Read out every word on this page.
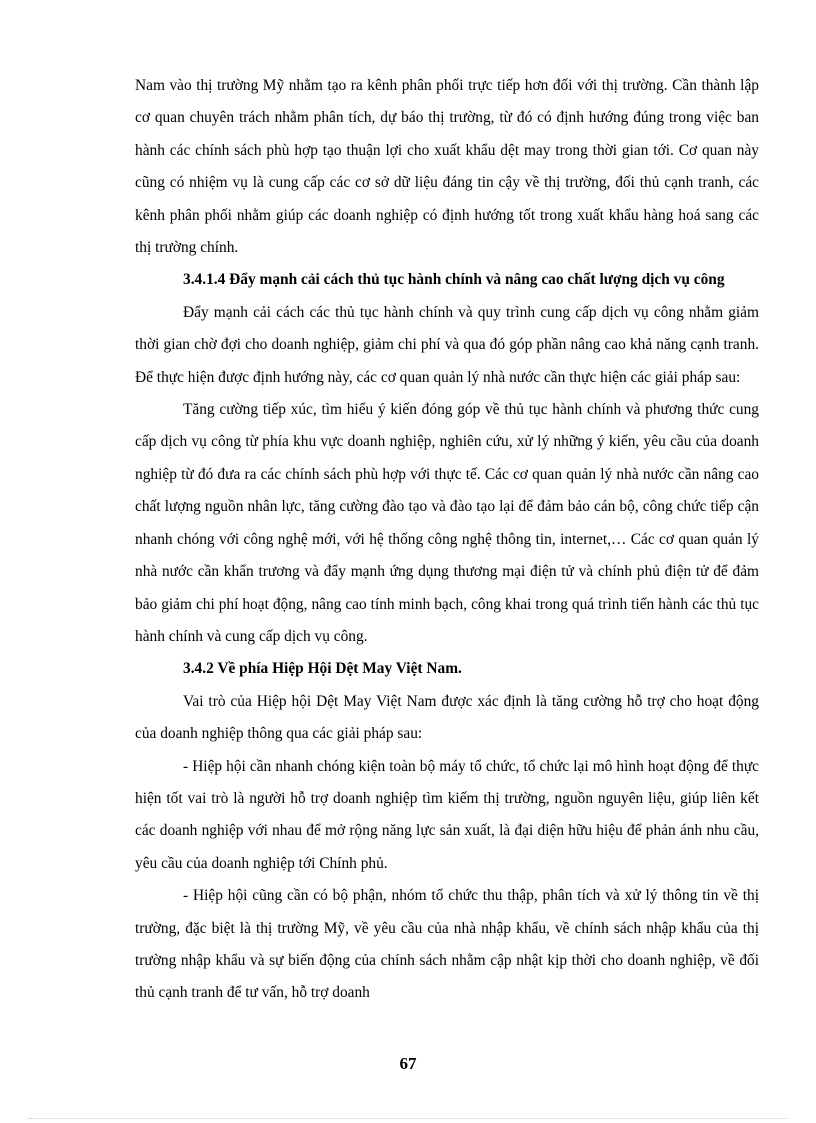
Nam vào thị trường Mỹ nhằm tạo ra kênh phân phối trực tiếp hơn đối với thị trường. Cần thành lập cơ quan chuyên trách nhằm phân tích, dự báo thị trường, từ đó có định hướng đúng trong việc ban hành các chính sách phù hợp tạo thuận lợi cho xuất khẩu dệt may trong thời gian tới. Cơ quan này cũng có nhiệm vụ là cung cấp các cơ sở dữ liệu đáng tin cậy về thị trường, đối thủ cạnh tranh, các kênh phân phối nhằm giúp các doanh nghiệp có định hướng tốt trong xuất khẩu hàng hoá sang các thị trường chính.

3.4.1.4 Đẩy mạnh cải cách thủ tục hành chính và nâng cao chất lượng dịch vụ công

Đẩy mạnh cải cách các thủ tục hành chính và quy trình cung cấp dịch vụ công nhằm giảm thời gian chờ đợi cho doanh nghiệp, giảm chi phí và qua đó góp phần nâng cao khả năng cạnh tranh. Để thực hiện được định hướng này, các cơ quan quản lý nhà nước cần thực hiện các giải pháp sau:

Tăng cường tiếp xúc, tìm hiểu ý kiến đóng góp về thủ tục hành chính và phương thức cung cấp dịch vụ công từ phía khu vực doanh nghiệp, nghiên cứu, xử lý những ý kiến, yêu cầu của doanh nghiệp từ đó đưa ra các chính sách phù hợp với thực tế. Các cơ quan quản lý nhà nước cần nâng cao chất lượng nguồn nhân lực, tăng cường đào tạo và đào tạo lại để đảm bảo cán bộ, công chức tiếp cận nhanh chóng với công nghệ mới, với hệ thống công nghệ thông tin, internet,… Các cơ quan quản lý nhà nước cần khẩn trương và đẩy mạnh ứng dụng thương mại điện tử và chính phủ điện tử để đảm bảo giảm chi phí hoạt động, nâng cao tính minh bạch, công khai trong quá trình tiến hành các thủ tục hành chính và cung cấp dịch vụ công.

3.4.2 Về phía Hiệp Hội Dệt May Việt Nam.

Vai trò của Hiệp hội Dệt May Việt Nam được xác định là tăng cường hỗ trợ cho hoạt động của doanh nghiệp thông qua các giải pháp sau:

- Hiệp hội cần nhanh chóng kiện toàn bộ máy tổ chức, tổ chức lại mô hình hoạt động để thực hiện tốt vai trò là người hỗ trợ doanh nghiệp tìm kiếm thị trường, nguồn nguyên liệu, giúp liên kết các doanh nghiệp với nhau để mở rộng năng lực sản xuất, là đại diện hữu hiệu để phản ánh nhu cầu, yêu cầu của doanh nghiệp tới Chính phủ.

- Hiệp hội cũng cần có bộ phận, nhóm tổ chức thu thập, phân tích và xử lý thông tin về thị trường, đặc biệt là thị trường Mỹ, về yêu cầu của nhà nhập khẩu, về chính sách nhập khẩu của thị trường nhập khẩu và sự biến động của chính sách nhằm cập nhật kịp thời cho doanh nghiệp, về đối thủ cạnh tranh để tư vấn, hỗ trợ doanh

67
